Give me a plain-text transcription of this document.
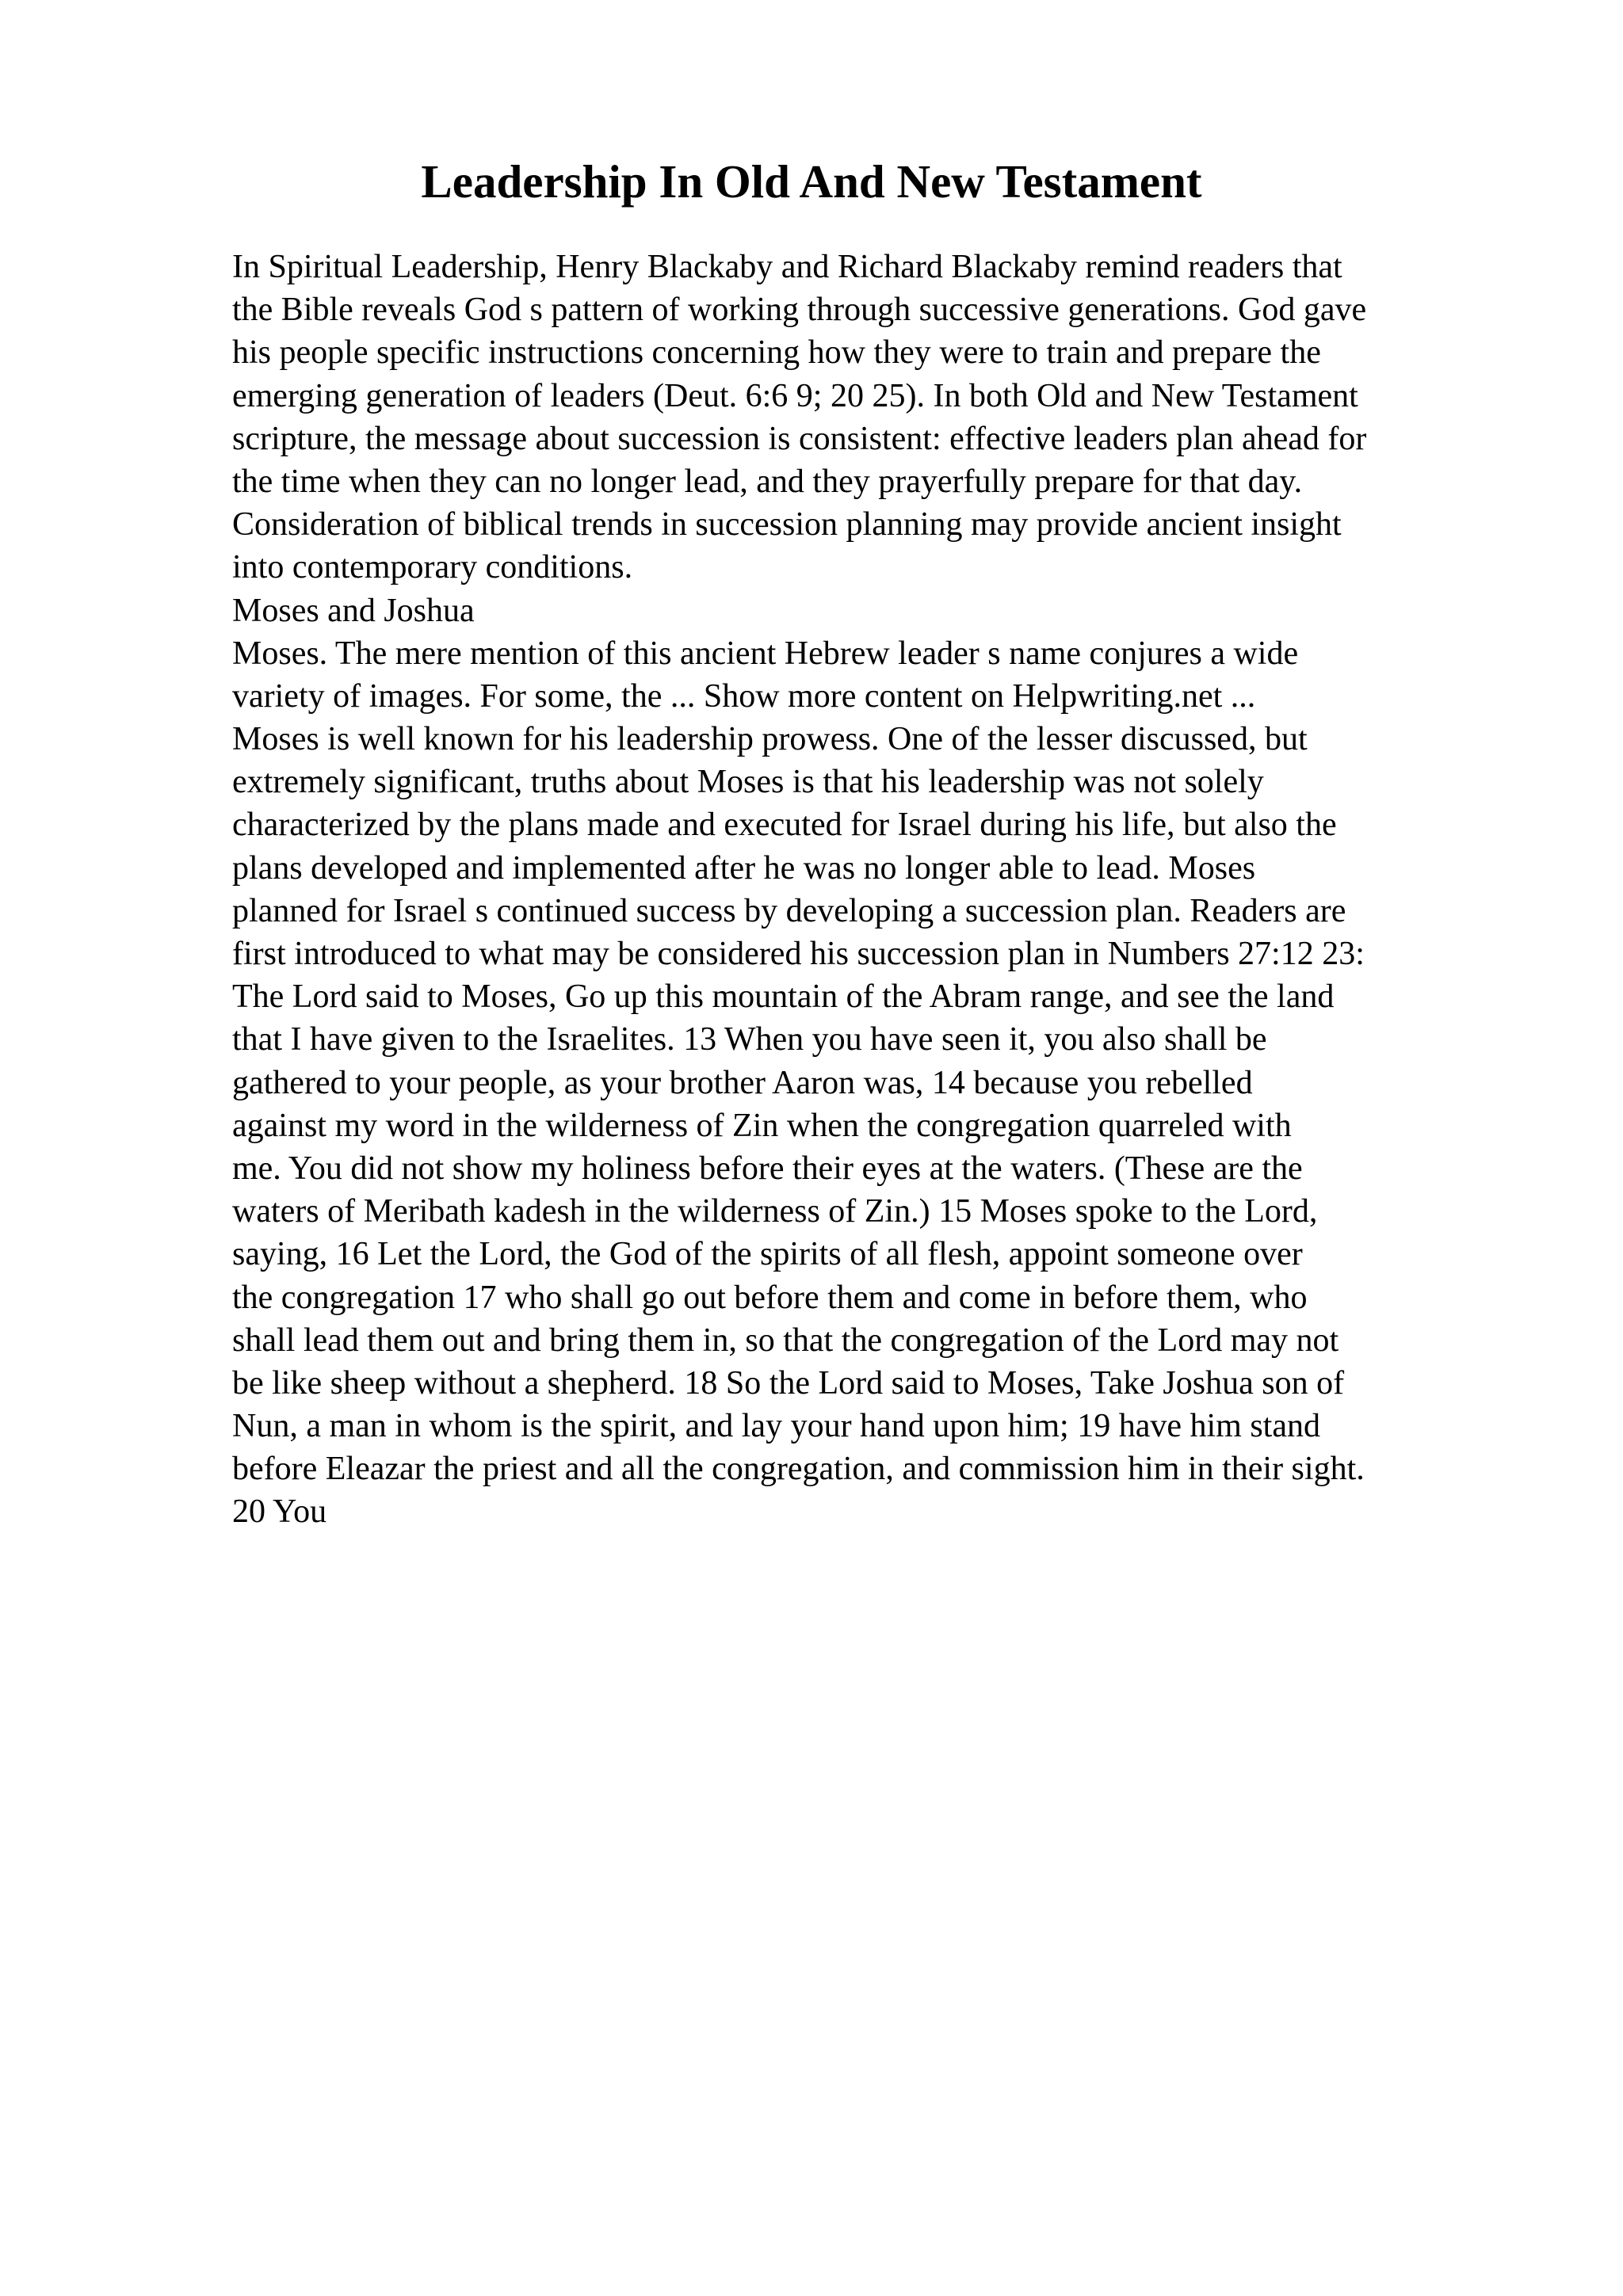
Leadership In Old And New Testament
In Spiritual Leadership, Henry Blackaby and Richard Blackaby remind readers that
the Bible reveals God s pattern of working through successive generations. God gave
his people specific instructions concerning how they were to train and prepare the
emerging generation of leaders (Deut. 6:6 9; 20 25). In both Old and New Testament
scripture, the message about succession is consistent: effective leaders plan ahead for
the time when they can no longer lead, and they prayerfully prepare for that day.
Consideration of biblical trends in succession planning may provide ancient insight
into contemporary conditions.
Moses and Joshua
Moses. The mere mention of this ancient Hebrew leader s name conjures a wide
variety of images. For some, the ... Show more content on Helpwriting.net ...
Moses is well known for his leadership prowess. One of the lesser discussed, but
extremely significant, truths about Moses is that his leadership was not solely
characterized by the plans made and executed for Israel during his life, but also the
plans developed and implemented after he was no longer able to lead. Moses
planned for Israel s continued success by developing a succession plan. Readers are
first introduced to what may be considered his succession plan in Numbers 27:12 23:
The Lord said to Moses, Go up this mountain of the Abram range, and see the land
that I have given to the Israelites. 13 When you have seen it, you also shall be
gathered to your people, as your brother Aaron was, 14 because you rebelled
against my word in the wilderness of Zin when the congregation quarreled with
me. You did not show my holiness before their eyes at the waters. (These are the
waters of Meribath kadesh in the wilderness of Zin.) 15 Moses spoke to the Lord,
saying, 16 Let the Lord, the God of the spirits of all flesh, appoint someone over
the congregation 17 who shall go out before them and come in before them, who
shall lead them out and bring them in, so that the congregation of the Lord may not
be like sheep without a shepherd. 18 So the Lord said to Moses, Take Joshua son of
Nun, a man in whom is the spirit, and lay your hand upon him; 19 have him stand
before Eleazar the priest and all the congregation, and commission him in their sight.
20 You
